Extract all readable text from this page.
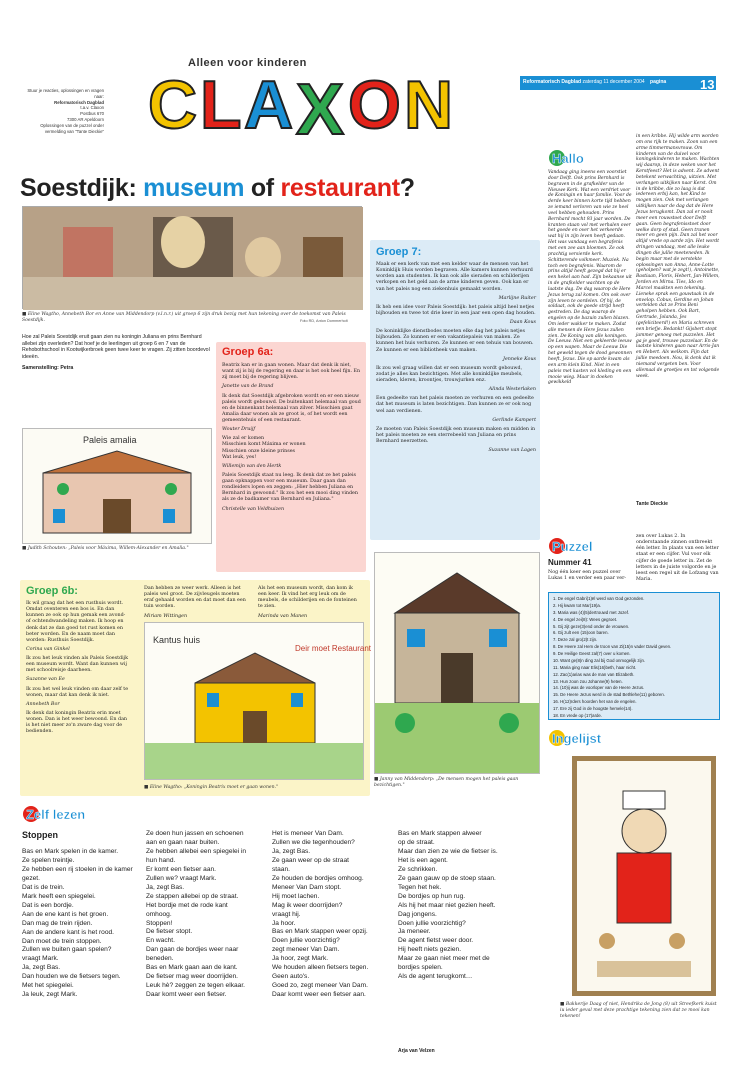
Alleen voor kinderen
C L A X O N
Stuur je reacties, oplossingen en vragen naar:
Reformatorisch Dagblad
t.a.v. Claxon
Postbus 670
7300 AR Apeldoorn
Oplossingen van de puzzel onder vermelding van "Tante Dieckie"
Reformatorisch Dagblad zaterdag 11 december 2004 pagina	13
Soestdijk: museum of restaurant?
■ Eline Wagtho, Annebeth Bor en Anne van Middendorp (v.l.n.r.) uit groep 6 zijn druk bezig met hun tekening over de toekomst van Paleis Soestdijk.	Foto RD, Anton Dommerholt

Hoe zal Paleis Soestdijk eruit gaan zien nu koningin Juliana en prins Bernhard allebei zijn overleden? Dat hoef je de leerlingen uit groep 6 en 7 van de Rehobothschool in Kootwijkerbroek geen twee keer te vragen. Zij zitten boordevol ideeën.

Samenstelling: Petra

Paleis amalia
■ Judith Schouten: „Paleis voor Máxima, Willem-Alexander en Amalia."
Groep 6a:

Beatrix kan er in gaan wonen. Maar dat denk ik niet, want zij is bij de regering en daar is het ook heel fijn. En zij moet bij de regering blijven.

Janette van de Brand

Ik denk dat Soestdijk afgebroken wordt en er een nieuw paleis wordt gebouwd. De buitenkant helemaal van goud en de binnenkant helemaal van zilver. Misschien gaat Amalia daar wonen als ze groot is, of het wordt een gemeentehuis of een restaurant.

Wouter Druijf

Wie zal er komen
Misschien komt Máxima er wonen
Misschien onze kleine prinses
Wat leuk, yes!

Willemijn van den Hertk

Paleis Soestdijk staat nu leeg. Ik denk dat ze het paleis gaan opknappen voor een museum. Daar gaan dan rondleiders lopen en zeggen: „Hier hebben Juliana en Bernhard in gewoond." Ik zou het een mooi ding vinden als ze de badkamer van Bernhard en Juliana."

Christelle van Veldhuizen
Groep 7:

Maak er een kerk van met een kelder waar de mensen van het Koninklijk Huis worden begraven. Alle kamers kunnen verhuurd worden aan studenten. Ik kan ook alle sieraden en schilderijen verkopen en het geld aan de arme kinderen geven. Ook kan er van het paleis nog een ziekenhuis gemaakt worden.

Marlijne Ruiter

Ik heb een idee voor Paleis Soestdijk: het paleis altijd heel netjes bijhouden en twee tot drie keer in een jaar een open dag houden.

Daan Kous

De koninklijke dienstbodes moeten elke dag het paleis netjes bijhouden. Zo kunnen er een vakantiepaleis van maken. Ze kunnen het huis verhuren. Ze kunnen er een tehuis van bouwen. Ze kunnen er een bibliotheek van maken.

Jenneke Kous

Ik zou wel graag willen dat er een museum wordt gebouwd, zodat je alles kan bezichtigen. Met alle koninklijke meubels, sieraden, kleren, kroontjes, trouwjurken enz.

Alinda Westerlaken

Een gedeelte van het paleis moeten ze verhuren en een gedeelte dat het museum is laten bezichtigen. Dan kunnen ze er ook nog wel aan verdienen.

Gerlinde Kampert

Ze moeten van Paleis Soestdijk een museum maken en midden in het paleis moeten ze een sterrebeeld van Juliana en prins Bernhard neerzetten.

Suzanne van Lagen
Groep 6b:

Ik wil graag dat het een rusthuis wordt. Omdat oventeren een bos is. En dan kunnen ze ook op hun gemak een avond- of ochtendwandeling maken. Ik hoop en denk dat ze dan goed tot rust komen en beter worden. En de naam moet dan worden: Rusthuis Soestdijk.

Corina van Ginkel

Ik zou het leuk vinden als Paleis Soestdijk een museum wordt. Want dan kunnen wij met schoolreisje daarheen.

Suzanne van Ee

Ik zou het wel leuk vinden om daar zelf te wonen, maar dat kan denk ik niet.

Annebeth Bor

Ik denk dat koningin Beatrix erin moet wonen. Dan is het weer bewoond. En dan is het niet meer zo'n zware dag voor de bedienden.

Dan hebben ze weer werk. Alleen is het paleis wel groot. De zijvleugels moeten eraf gehaald worden en dat moet dan een tuin worden.

Miriam Wittingen

Als het een museum wordt, dan kom ik een keer. Ik vind het erg leuk om de meubels, de schilderijen en de fonteinen te zien.

Marinda van Manen
Kantus huis
Deir moet Restaurant
■ Eline Wagtho: „Koningin Beatrix moet er gaan wonen."
■ Janny van Middendorp: „De mensen mogen het paleis gaan bezichtigen."
Hallo
Vandaag ging ineens een voorstiet door Delft. Ook prins Bernhard is begraven in de grafkelder van de Nieuwe Kerk. Wat een verdriet voor de Koningin en haar familie. Voor de derde keer binnen korte tijd hebben ze iemand verloren van wie ze heel veel hebben gehouden. Prins Bernhard mocht 93 jaar worden. De kranten staan vol met verhalen over het goede en over het verkeerde wat hij in zijn leven heeft gedaan. Het was vandaag een begrafenis met een zee aan bloemen. Ze ook prachtig versierde kerk. Schitterende volkmeer. Muziek. Na toch een begrafenis. Waarom de prins altijd heeft gezegd dat hij er een hekel aan had. Zijn bekaanse uit in de grafkelder wachten op de laatste dag. De dag waarop de Here Jezus terug zal komen. Om ook over zijn leven te oordelen. Of hij, de soldaat, ook de goede strijd heeft gestreden. De dag waarop de engelen op de bazuin zullen blazen. Om ieder wakker te maken. Zodat alle mensen de Here Jezus zullen zien. De Koning van alle koningen. De Leeuw. Niet een gekleerde leeuw op een wapen. Maar de Leeuw Die het geweld tegen de dood gewonnen heeft. Jezus. Die op aarde kwam als een arm klein Kind. Niet in een paleis met kasten vol kleding en een mooie wieg. Maar in doeken gewikkeld
in een kribbe. Hij wilde arm worden om ons rijk te maken. Zoon van een arme timmermansvrouw. Om kinderen van de duivel voor koningskinderen te maken. Wachten wij daarop, in deze weken voor het Kerstfeest? Het is advent. Ze advent betekent verwachting, uitzien. Met verlangen uitkijken naar Kerst. Om in de kribbe, die zo laag is dat iedereen erbij kan, het Kind te mogen zien. Ook met verlangen uitkijken naar de dag dat de Here Jezus terugkomt. Dan zal er nooit meer een rouwstoet door Delft gaan. Geen begrafenisstoet door welke dorp of stad. Geen tranen meer en geen pijn. Dan zal het voor altijd vrede op aarde zijn. Het wordt dringen vandaag, met alle leuke dingen die jullie meeteneden. Ik begin maar met de verstekte oplossingen van Anna, Anne-Lotte (geholpen? wat je zegt!), Antoinette, Bastiaan, Floris, Hebert, Jan-Willem, Jorden en Mirna. Ties, Ido en Marcel maakten een tekening. Lieneke sprak een gouwtaak in de envelop. Cobus, Gerdine en Johan vertelden dat ze Prins Beni geholpen hebben. Ook Bart, Gertrude, Jolanda, Jes (gefeliciteerd!) en Maria schreven een briefje. Bedankt! Gijsbert stopt jammer genoeg met puzzelen. Het ga je goed, trouwe puzzelaar. En de laatste kinderen gaan naar Arris-Jan en Hebert. Als welkom. Fijn dat jullie meedoen. Nou, ik denk dat ik niemand vergeten ben. Voor allemaal de groetjes en tot volgende week.
Tante Dieckie
Puzzel
Nummer 41
Nog één keer een puzzel over Lukas 1 en verder een paar ver-
zen over Lukas 2. In onderstaande zinnen ontbreekt één letter. In plaats van een letter staat er een cijfer. Vul voor elk cijfer de goede letter in. Zet de letters in de juiste volgorde en je leest een regel uit de Lofzang van Maria.
1. De engel Gabri(1)ël werd van God gezonden.
2. Hij kwam tot Mar(19)a.
3. Maria was (4)(5)dertrouwd met Jozef.
4. De engel zei(8): Wees gegroet.
5. Gij zijt geze(3)end onder de vrouwen.
6. Gij zult een (15)oon baren.
7. Deze zal gro(2)t zijn.
8. De Heere zal Hem de troon van Zi(15)n vader David geven.
9. De Heilige Geest zal(7) over u komen.
10. Want ge(8)n ding zal bij God onmogelijk zijn.
11. Maria ging naar Elis(16)beth, haar nicht.
12. Zac(1)arias was de man van Elizabeth.
13. Hun zoon zou Johanne(9) heten.
14. (10)ij was de voorloper van de Heere Jezus.
15. De Heere Jezus werd in de stad Bethlehe(11) geboren.
16. H(12)rders hoorden het van de engelen.
17. Ere zij God in de hoogste hemele(14).
18. En vrede op (17)arde.
Ingelijst
■ Bakkerije Daag of niet, Hendrika de Jong (8) uit Streefkerk kuist iu ieder geval met deze prachtige tekening zien dat ze mooi kan tekenen!
Zelf lezen
Stoppen
Bas en Mark spelen in de kamer.
Ze spelen treintje.
Ze hebben een rij stoelen in de kamer gezet.
Dat is de trein.
Mark heeft een spiegelei.
Dat is een bordje.
Aan de ene kant is het groen.
Dan mag de trein rijden.
Aan de andere kant is het rood.
Dan moet de trein stoppen.
Zullen we buiten gaan spelen?
vraagt Mark.
Ja, zegt Bas.
Dan houden we de fietsers tegen.
Met het spiegelei.
Ja leuk, zegt Mark.
Ze doen hun jassen en schoenen
aan en gaan naar buiten.
Ze hebben allebei een spiegelei in
hun hand.
Er komt een fietser aan.
Zullen we? vraagt Mark.
Ja, zegt Bas.
Ze stappen allebei op de straat.
Het bordje met de rode kant
omhoog.
Stoppen!
De fietser stopt.
En wacht.
Dan gaan de bordjes weer naar
beneden.
Bas en Mark gaan aan de kant.
De fietser mag weer doorrijden.
Leuk hè? zeggen ze tegen elkaar.
Daar komt weer een fietser.
Het is meneer Van Dam.
Zullen we die tegenhouden?
Ja, zegt Bas.
Ze gaan weer op de straat
staan.
Ze houden de bordjes omhoog.
Meneer Van Dam stopt.
Hij moet lachen.
Mag ik weer doorrijden?
vraagt hij.
Ja hoor.
Bas en Mark stappen weer opzij.
Doen jullie voorzichtig?
zegt meneer Van Dam.
Ja hoor, zegt Mark.
We houden alleen fietsers tegen.
Geen auto's.
Goed zo, zegt meneer Van Dam.
Daar komt weer een fietser aan.
Bas en Mark stappen alweer
op de straat.
Maar dan zien ze wie de fietser is.
Het is een agent.
Ze schrikken.
Ze gaan gauw op de stoep staan.
Tegen het hek.
De bordjes op hun rug.
Als hij het maar niet gezien heeft.
Dag jongens.
Doen jullie voorzichtig?
Ja meneer.
De agent fietst weer door.
Hij heeft niets gezien.
Maar ze gaan niet meer met de
bordjes spelen.
Als de agent terugkomt…
Arja van Velzen
